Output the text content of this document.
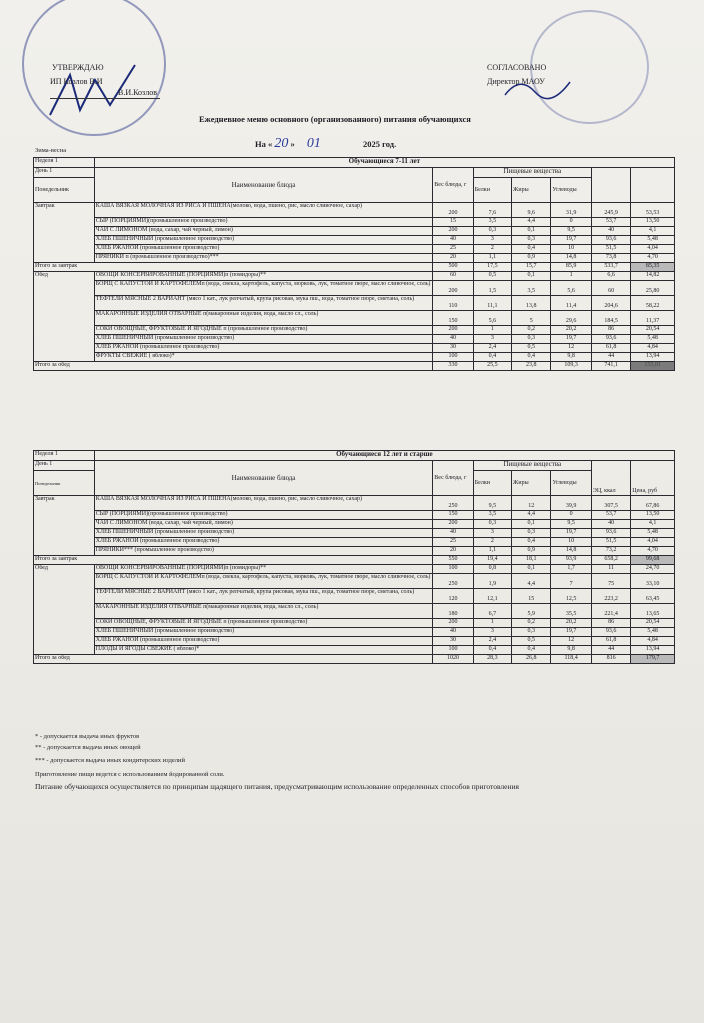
УТВЕРЖДАЮ
ИП Козлов В.И
В.И.Козлов
СОГЛАСОВАНО
Директор МАОУ
Ежедневное меню основного (организованного) питания обучающихся
На « 20 » 01	2025 год.
Зима-весна
Неделя 1	Обучающиеся 7-11 лет						
День 1	Наименование блюда	Вес блюда, г	Пищевые вещества				
Понедельник			Белки	Жиры	Углеводы		

Завтрак	КАША ВЯЗКАЯ МОЛОЧНАЯ ИЗ РИСА И ПШЕНА(молоко, вода, пшено, рис, масло сливочное, сахар)	200	7,6	9,6	31,9	245,9	53,53
	СЫР (ПОРЦИЯМИ)(промышленное производство)	15	3,5	4,4	0	53,7	13,50
	ЧАЙ С ЛИМОНОМ (вода, сахар, чай черный, лимон)	200	0,3	0,1	9,5	40	4,1
	ХЛЕБ ПШЕНИЧНЫЙ (промышленное производство)	40	3	0,3	19,7	93,6	5,48
	ХЛЕБ РЖАНОЙ (промышленное производство)	25	2	0,4	10	51,5	4,04
	ПРЯНИКИ п (промышленное производство)***	20	1,1	0,9	14,8	73,8	4,70
Итого за завтрак		500	17,5	15,7	85,9	533,7	85,35
Обед	ОВОЩИ КОНСЕРВИРОВАННЫЕ (ПОРЦИЯМИ)п (помидоры)**	60	0,5	0,1	1	6,6	14,82
	БОРЩ С КАПУСТОЙ И КАРТОФЕЛЕМп (вода, свекла, картофель, капуста, морковь, лук, томатное пюре, масло сливочное, соль)	200	1,5	3,5	5,6	60	25,80
	ТЕФТЕЛИ МЯСНЫЕ 2 ВАРИАНТ (мясо 1 кат., лук репчатый, крупа рисовая, мука пш., вода, томатное пюре, сметана, соль)	110	11,1	13,8	11,4	204,6	58,22
	МАКАРОННЫЕ ИЗДЕЛИЯ ОТВАРНЫЕ п(макаронные изделия, вода, масло сл., соль)	150	5,6	5	29,6	184,5	11,37
	СОКИ ОВОЩНЫЕ, ФРУКТОВЫЕ И ЯГОДНЫЕ п (промышленное производство)	200	1	0,2	20,2	86	20,54
	ХЛЕБ ПШЕНИЧНЫЙ (промышленное производство)	40	3	0,3	19,7	93,6	5,48
	ХЛЕБ РЖАНОЙ (промышленное производство)	30	2,4	0,5	12	61,8	4,84
	ФРУКТЫ СВЕЖИЕ ( яблоко)*	100	0,4	0,4	9,8	44	13,94
Итого за обед		330	25,5	23,8	109,3	741,1	155,01
Неделя 1	Обучающиеся 12 лет и старше						
День 1	Наименование блюда	Вес блюда, г	Пищевые вещества			ЭЦ, ккал	Цена, руб
Понедельник			Белки	Жиры	Углеводы		

Завтрак	КАША ВЯЗКАЯ МОЛОЧНАЯ ИЗ РИСА И ПШЕНА(молоко, вода, пшено, рис, масло сливочное, сахар)	250	9,5	12	39,9	307,5	67,86
	СЫР (ПОРЦИЯМИ)(промышленное производство)	150	3,5	4,4	0	53,7	13,50
	ЧАЙ С ЛИМОНОМ (вода, сахар, чай черный, лимон)	200	0,3	0,1	9,5	40	4,1
	ХЛЕБ ПШЕНИЧНЫЙ (промышленное производство)	40	3	0,3	19,7	93,6	5,48
	ХЛЕБ РЖАНОЙ (промышленное производство)	25	2	0,4	10	51,5	4,04
	ПРЯНИКИ*** (промышленное производство)	20	1,1	0,9	14,8	73,2	4,70
Итого за завтрак		550	19,4	18,1	93,9	658,2	99,68
Обед	ОВОЩИ КОНСЕРВИРОВАННЫЕ (ПОРЦИЯМИ)п (помидоры)**	100	0,8	0,1	1,7	11	24,70
	БОРЩ С КАПУСТОЙ И КАРТОФЕЛЕМп (вода, свекла, картофель, капуста, морковь, лук, томатное пюре, масло сливочное, соль)	250	1,9	4,4	7	75	33,10
	ТЕФТЕЛИ МЯСНЫЕ 2 ВАРИАНТ (мясо 1 кат., лук репчатый, крупа рисовая, мука пш., вода, томатное пюре, сметана, соль)	120	12,1	15	12,5	223,2	63,45
	МАКАРОННЫЕ ИЗДЕЛИЯ ОТВАРНЫЕ п(макаронные изделия, вода, масло сл., соль)	180	6,7	5,9	35,5	221,4	13,65
	СОКИ ОВОЩНЫЕ, ФРУКТОВЫЕ И ЯГОДНЫЕ п (промышленное производство)	200	1	0,2	20,2	86	20,54
	ХЛЕБ ПШЕНИЧНЫЙ (промышленное производство)	40	3	0,3	19,7	93,6	5,48
	ХЛЕБ РЖАНОЙ (промышленное производство)	30	2,4	0,5	12	61,8	4,84
	ПЛОДЫ И ЯГОДЫ СВЕЖИЕ ( яблоко)*	100	0,4	0,4	9,8	44	13,94
Итого за обед		1020	28,3	26,8	118,4	816	179,7
* - допускается выдача иных фруктов
** - допускается выдача иных овощей
*** - допускается выдача иных кондитерских изделий
Приготовление пищи ведется с использованием йодированной соли.
Питание обучающихся осуществляется по принципам щадящего питания, предусматривающим использование определенных способов приготовления
